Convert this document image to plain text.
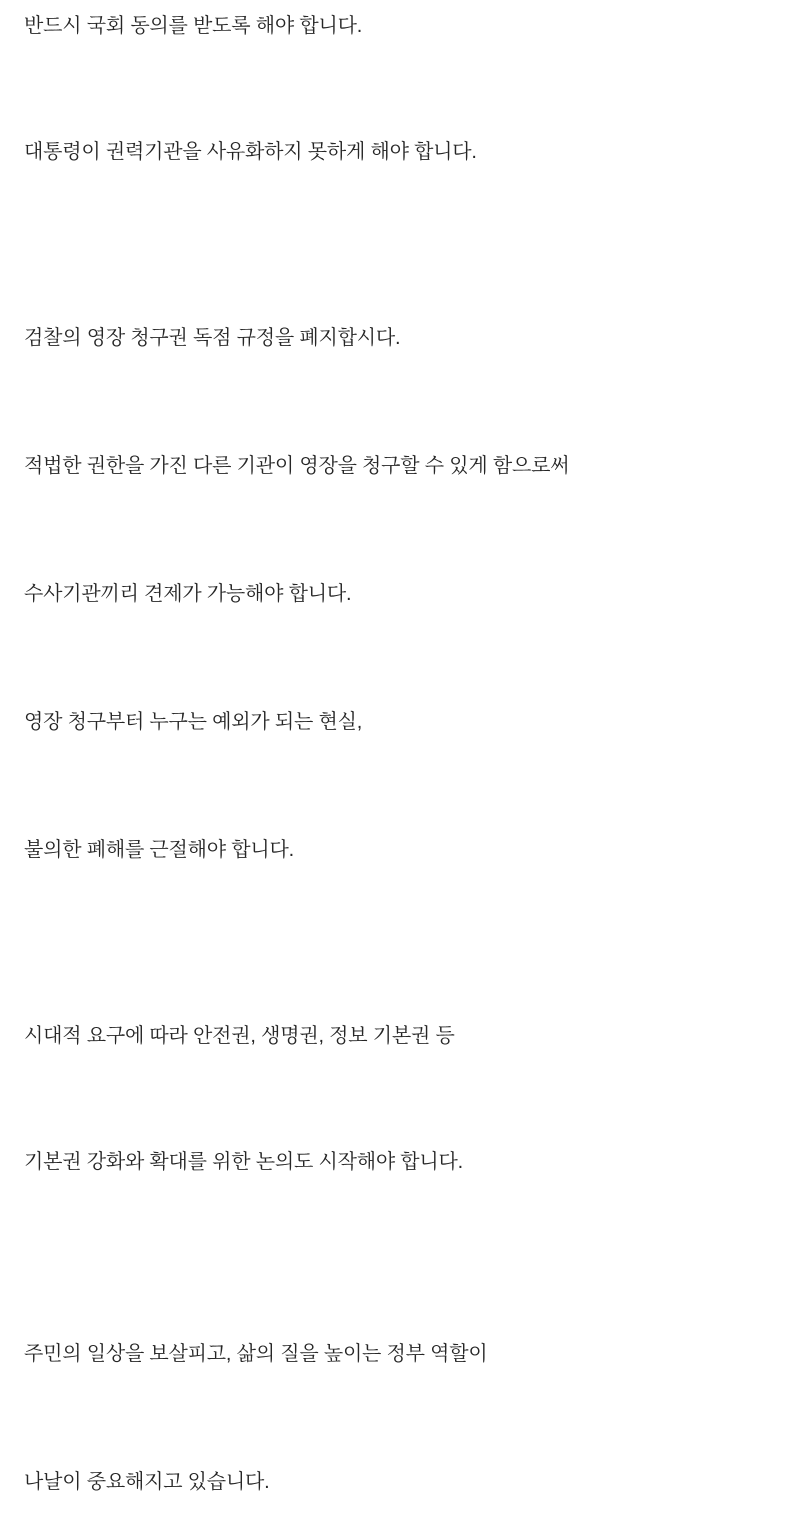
반드시 국회 동의를 받도록 해야 합니다.
대통령이 권력기관을 사유화하지 못하게 해야 합니다.
검찰의 영장 청구권 독점 규정을 폐지합시다.
적법한 권한을 가진 다른 기관이 영장을 청구할 수 있게 함으로써
수사기관끼리 견제가 가능해야 합니다.
영장 청구부터 누구는 예외가 되는 현실,
불의한 폐해를 근절해야 합니다.
시대적 요구에 따라 안전권, 생명권, 정보 기본권 등
기본권 강화와 확대를 위한 논의도 시작해야 합니다.
주민의 일상을 보살피고, 삶의 질을 높이는 정부 역할이
나날이 중요해지고 있습니다.
